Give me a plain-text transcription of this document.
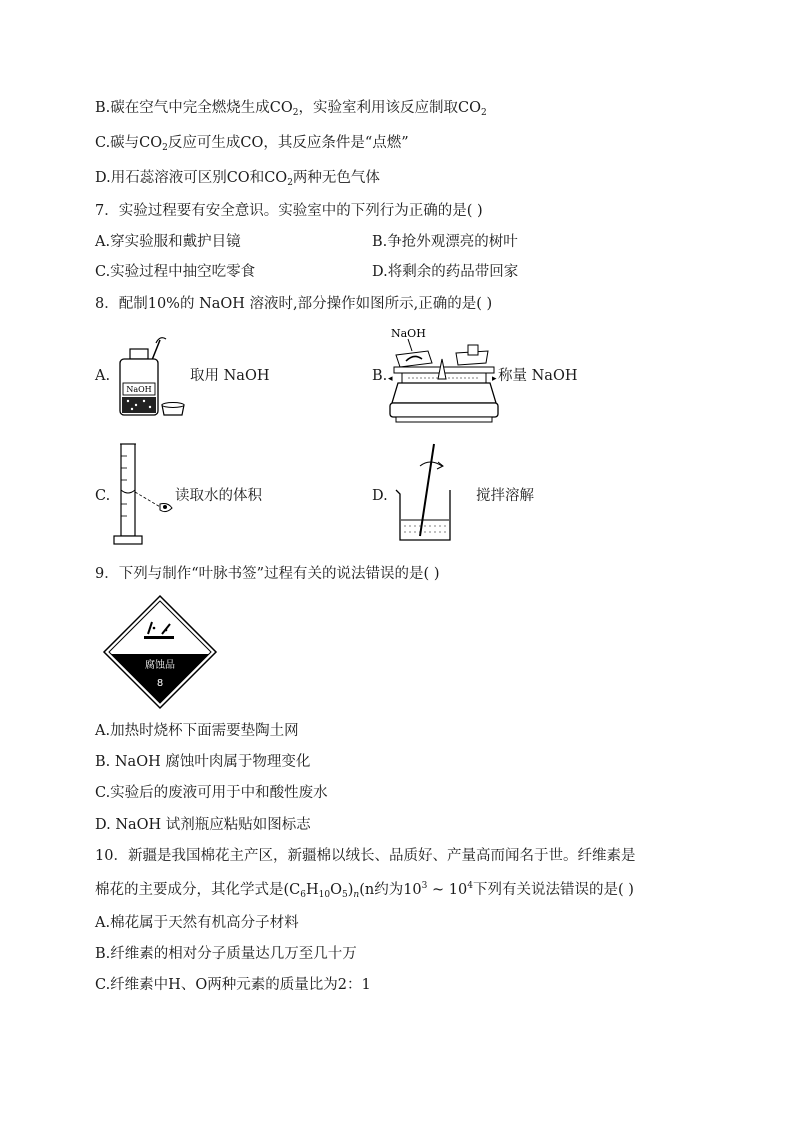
B.碳在空气中完全燃烧生成$CO_2$，实验室利用该反应制取$CO_2$
C.碳与$CO_2$反应可生成CO，其反应条件是“点燃”
D.用石蕊溶液可区别CO和$CO_2$两种无色气体
7．实验过程要有安全意识。实验室中的下列行为正确的是( )
A.穿实验服和戴护目镜	B.争抢外观漂亮的树叶
C.实验过程中抽空吃零食	D.将剩余的药品带回家
8．配制10%的 NaOH 溶液时,部分操作如图所示,正确的是( )
A.
NaOH
取用 NaOH	B.
NaOH
◂	▸ 称量 NaOH
C.	读取水的体积	D.	搅拌溶解
9．下列与制作“叶脉书签”过程有关的说法错误的是( )
腐蚀品
8
A.加热时烧杯下面需要垫陶土网
B. NaOH 腐蚀叶肉属于物理变化
C.实验后的废液可用于中和酸性废水
D. NaOH 试剂瓶应粘贴如图标志
10．新疆是我国棉花主产区，新疆棉以绒长、品质好、产量高而闻名于世。纤维素是
棉花的主要成分，其化学式是$(C_6H_{10}O_5)_n(n$约为$10^3$ ~ $10^4$下列有关说法错误的是( )
A.棉花属于天然有机高分子材料
B.纤维素的相对分子质量达几万至几十万
C.纤维素中H、O两种元素的质量比为2：1
